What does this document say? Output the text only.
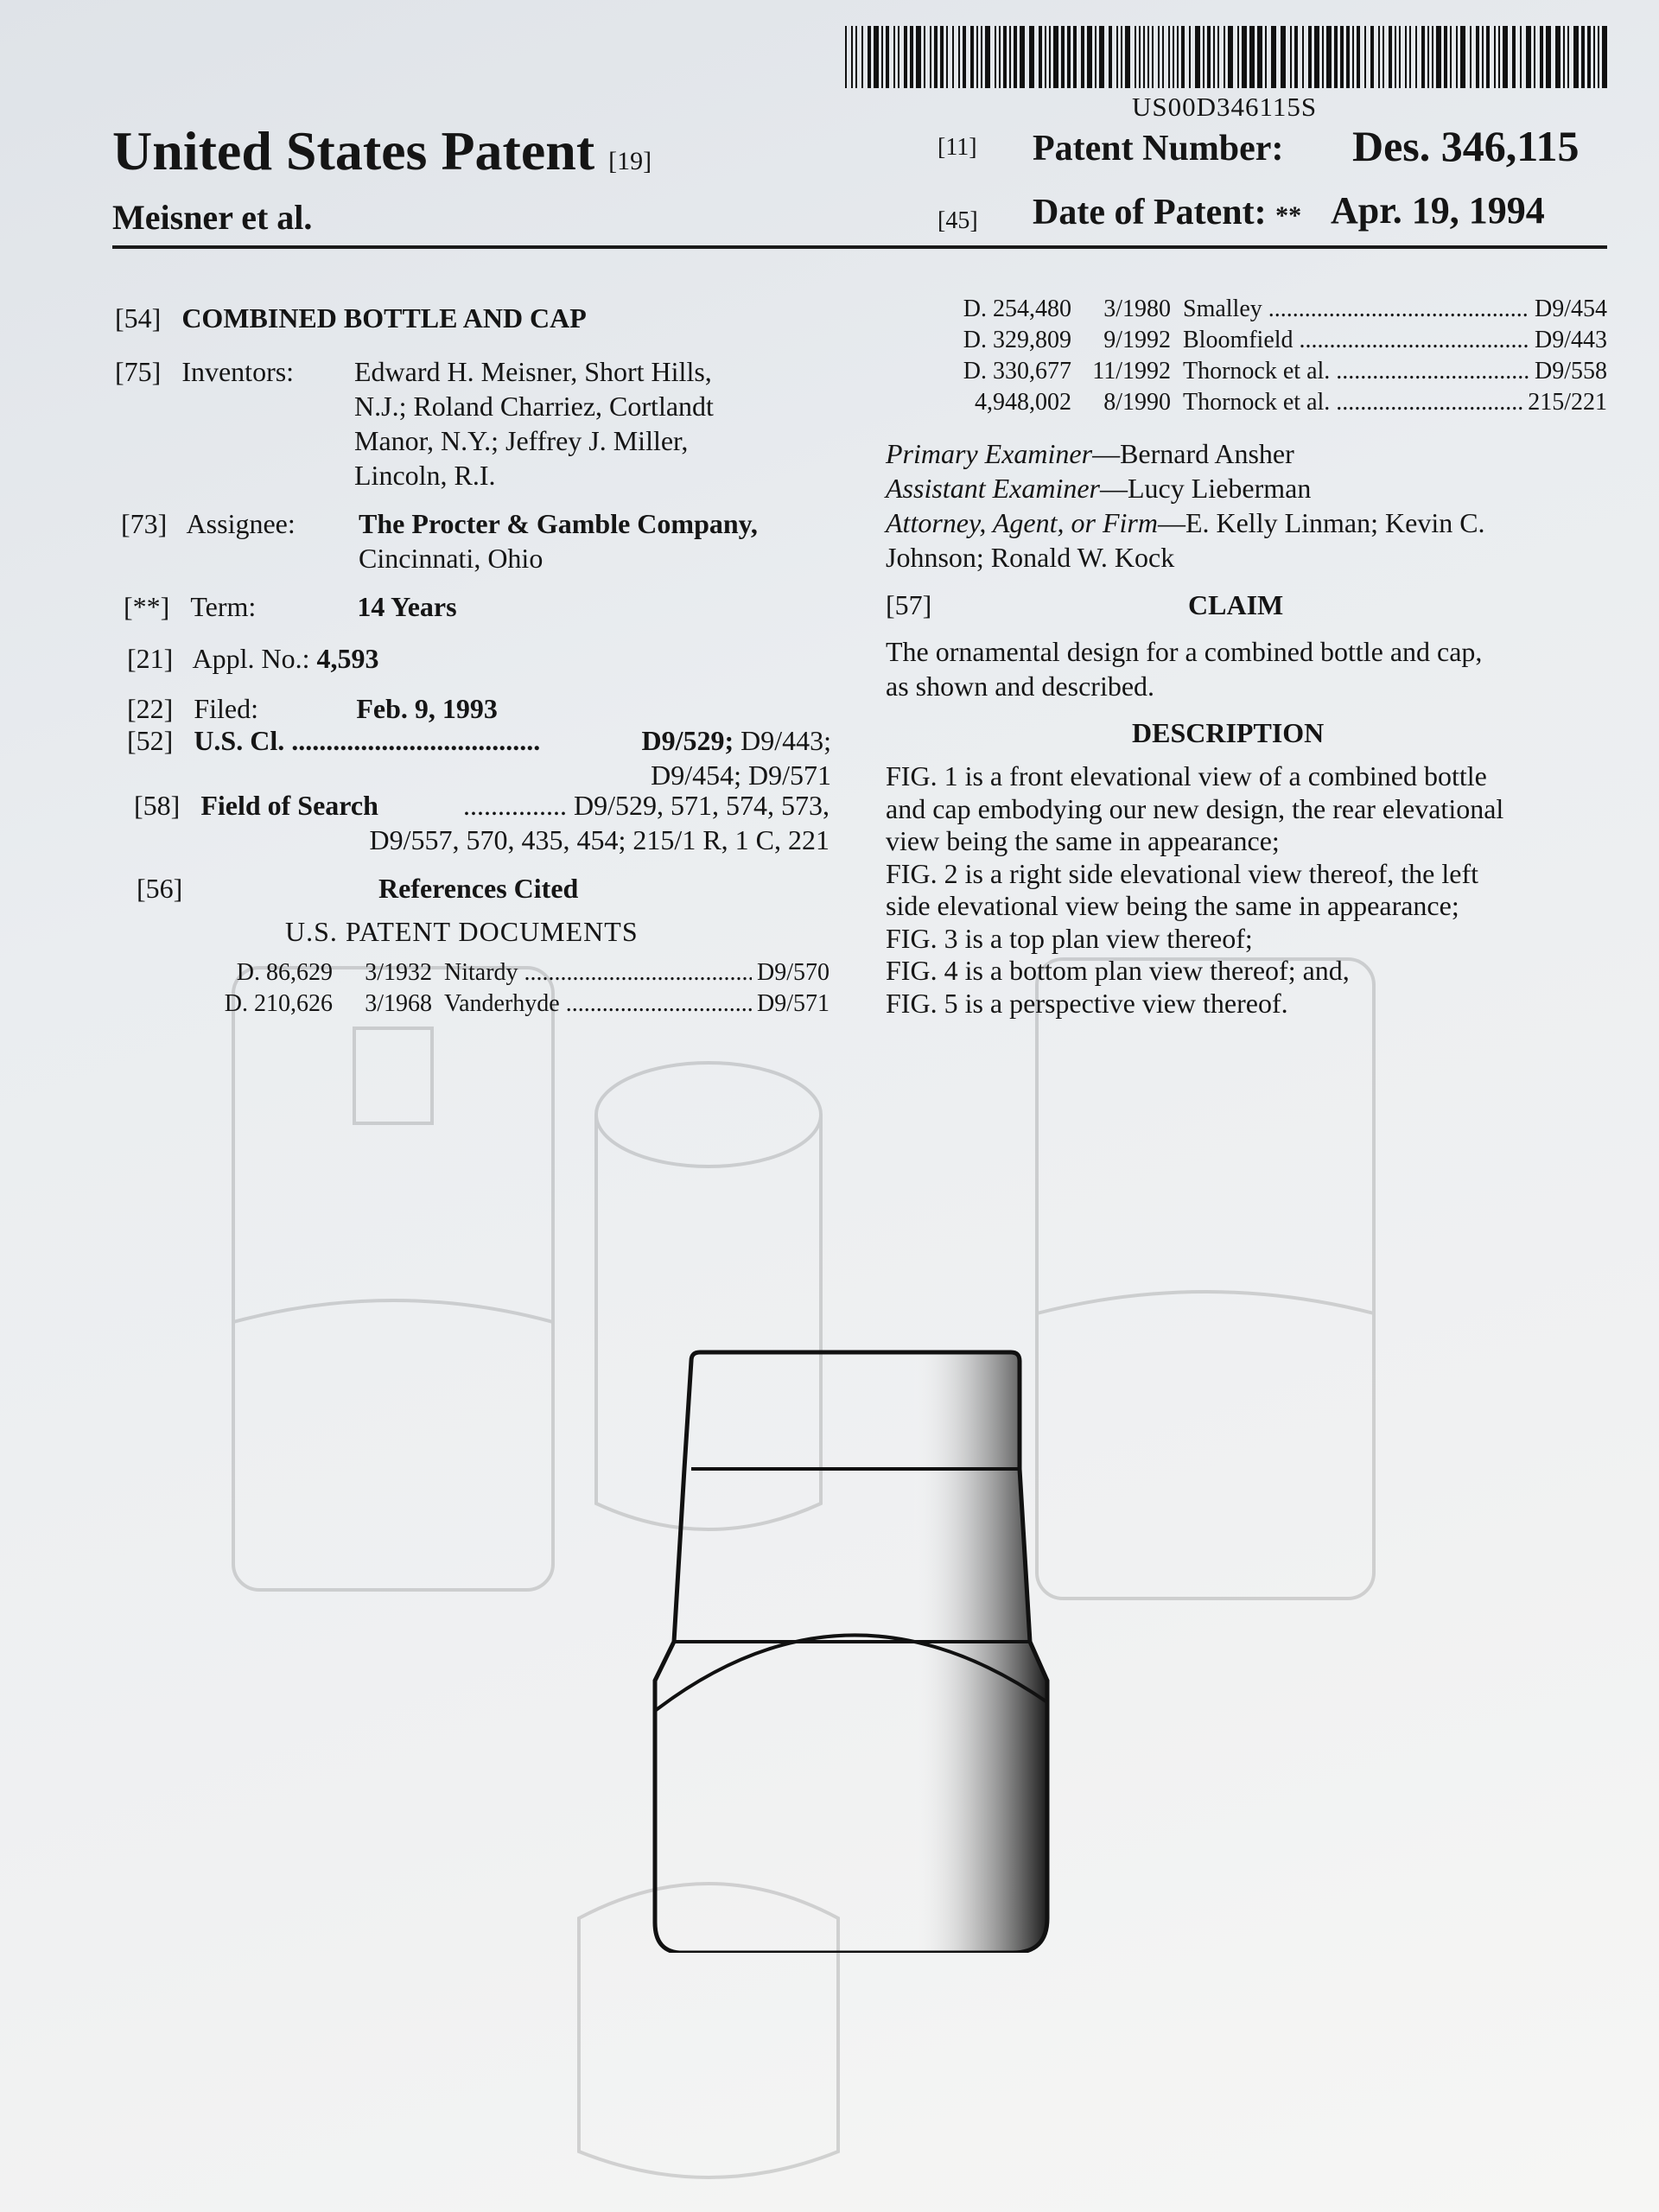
US00D346115S
United States Patent [19]
Meisner et al.
[11] Patent Number: Des. 346,115
[45] Date of Patent: ** Apr. 19, 1994
[54] COMBINED BOTTLE AND CAP
[75] Inventors: Edward H. Meisner, Short Hills,
N.J.; Roland Charriez, Cortlandt
Manor, N.Y.; Jeffrey J. Miller,
Lincoln, R.I.
[73] Assignee: The Procter & Gamble Company,
Cincinnati, Ohio
[**] Term:	14 Years
[21] Appl. No.: 4,593
[22] Filed:	Feb. 9, 1993
[52] U.S. Cl. ....................................	D9/529; D9/443;
D9/454; D9/571
[58] Field of Search	............... D9/529, 571, 574, 573,
D9/557, 570, 435, 454; 215/1 R, 1 C, 221
[56]	References Cited
U.S. PATENT DOCUMENTS
D. 86,629	3/1932 Nitardy .....	D9/570
D. 210,626	3/1968 Vanderhyde .....	D9/571
D. 254,480	3/1980 Smalley .....	D9/454
D. 329,809	9/1992 Bloomfield .....	D9/443
D. 330,677 11/1992 Thornock et al. .....	D9/558
4,948,002	8/1990 Thornock et al. .....	215/221
Primary Examiner—Bernard Ansher
Assistant Examiner—Lucy Lieberman
Attorney, Agent, or Firm—E. Kelly Linman; Kevin C.
Johnson; Ronald W. Kock
[57]	CLAIM
The ornamental design for a combined bottle and cap,
as shown and described.
DESCRIPTION
FIG. 1 is a front elevational view of a combined bottle
and cap embodying our new design, the rear elevational
view being the same in appearance;
FIG. 2 is a right side elevational view thereof, the left
side elevational view being the same in appearance;
FIG. 3 is a top plan view thereof;
FIG. 4 is a bottom plan view thereof; and,
FIG. 5 is a perspective view thereof.
